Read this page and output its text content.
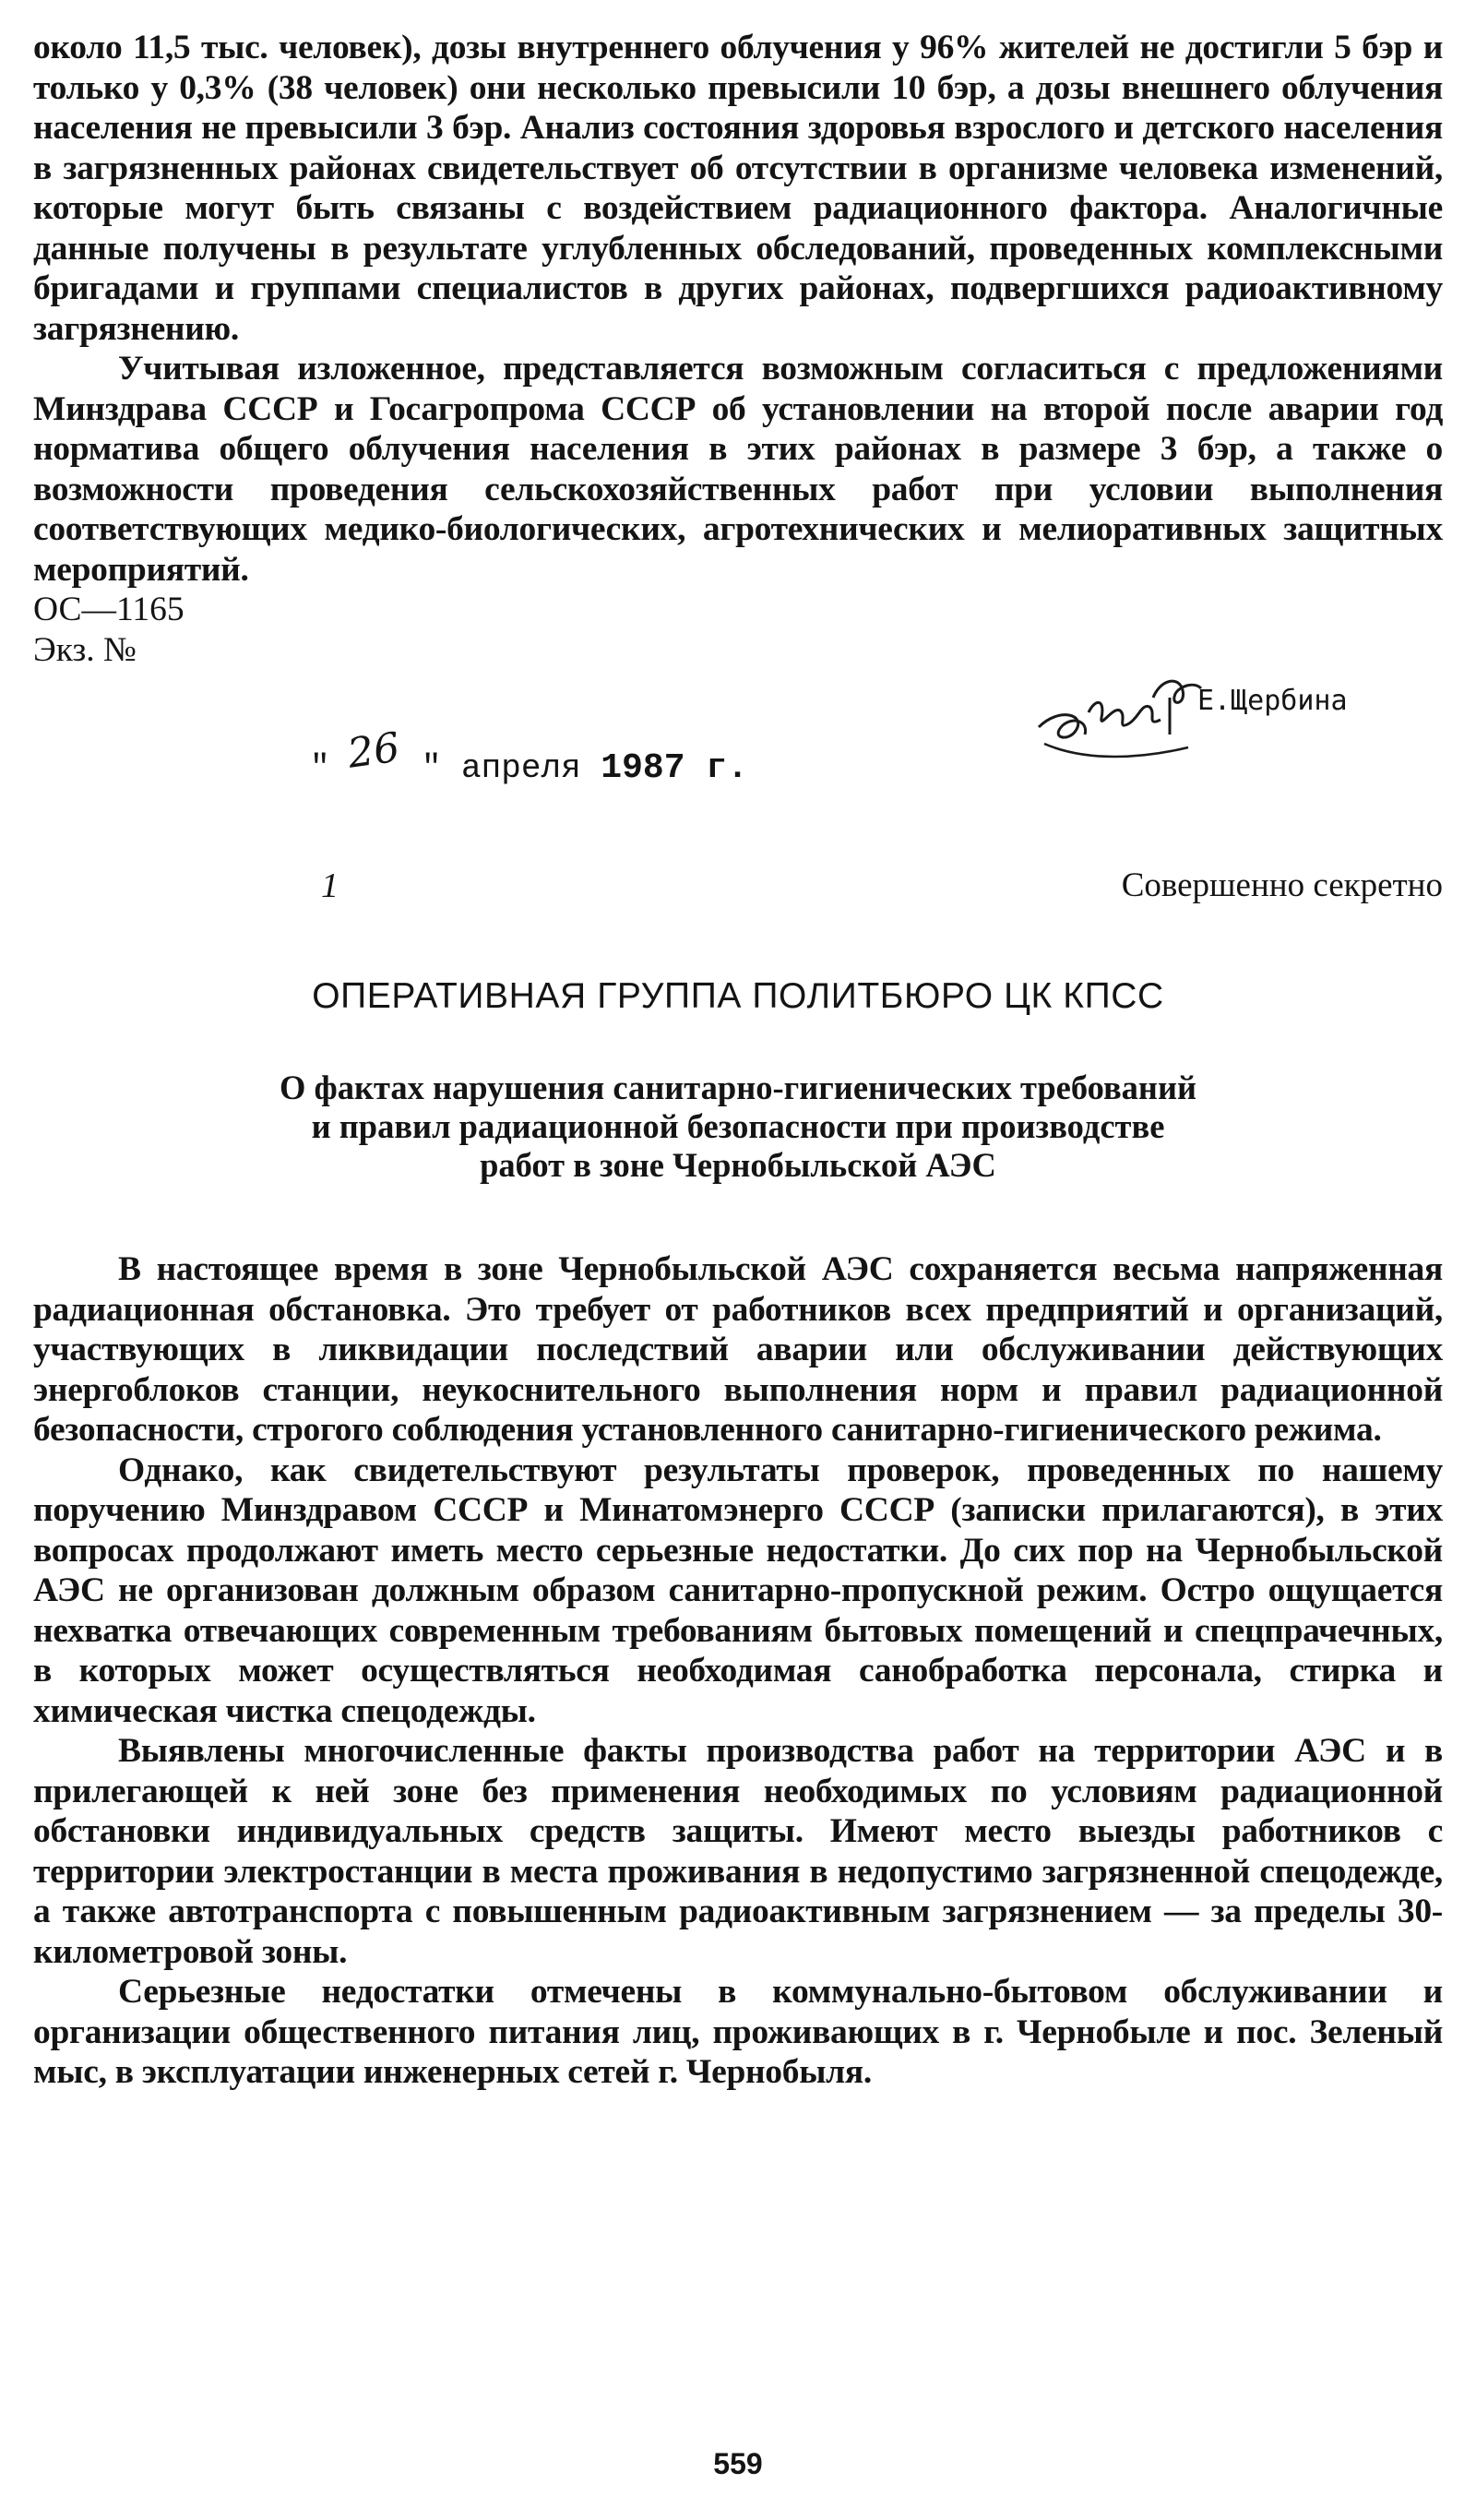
около 11,5 тыс. человек), дозы внутреннего облучения у 96% жителей не достигли 5 бэр и только у 0,3% (38 человек) они несколько превысили 10 бэр, а дозы внешнего облучения населения не превысили 3 бэр. Анализ состояния здоровья взрослого и детского населения в загрязненных районах свидетельствует об отсутствии в организме человека изменений, которые могут быть связаны с воздействием радиационного фактора. Аналогичные данные получены в результате углубленных обследований, проведенных комплексными бригадами и группами специалистов в других районах, подвергшихся радиоактивному загрязнению.

Учитывая изложенное, представляется возможным согласиться с предложениями Минздрава СССР и Госагропрома СССР об установлении на второй после аварии год норматива общего облучения населения в этих районах в размере 3 бэр, а также о возможности проведения сельскохозяйственных работ при условии выполнения соответствующих медико-биологических, агротехнических и мелиоративных защитных мероприятий.

ОС—1165
Экз. №
" 26 " апреля 1987 г.
Е.Щербина
1	Совершенно секретно
ОПЕРАТИВНАЯ ГРУППА ПОЛИТБЮРО ЦК КПСС
О фактах нарушения санитарно-гигиенических требований
и правил радиационной безопасности при производстве
работ в зоне Чернобыльской АЭС

В настоящее время в зоне Чернобыльской АЭС сохраняется весьма напряженная радиационная обстановка. Это требует от работников всех предприятий и организаций, участвующих в ликвидации последствий аварии или обслуживании действующих энергоблоков станции, неукоснительного выполнения норм и правил радиационной безопасности, строгого соблюдения установленного санитарно-гигиенического режима.

Однако, как свидетельствуют результаты проверок, проведенных по нашему поручению Минздравом СССР и Минатомэнерго СССР (записки прилагаются), в этих вопросах продолжают иметь место серьезные недостатки. До сих пор на Чернобыльской АЭС не организован должным образом санитарно-пропускной режим. Остро ощущается нехватка отвечающих современным требованиям бытовых помещений и спецпрачечных, в которых может осуществляться необходимая санобработка персонала, стирка и химическая чистка спецодежды.

Выявлены многочисленные факты производства работ на территории АЭС и в прилегающей к ней зоне без применения необходимых по условиям радиационной обстановки индивидуальных средств защиты. Имеют место выезды работников с территории электростанции в места проживания в недопустимо загрязненной спецодежде, а также автотранспорта с повышенным радиоактивным загрязнением — за пределы 30-километровой зоны.

Серьезные недостатки отмечены в коммунально-бытовом обслуживании и организации общественного питания лиц, проживающих в г. Чернобыле и пос. Зеленый мыс, в эксплуатации инженерных сетей г. Чернобыля.

559
